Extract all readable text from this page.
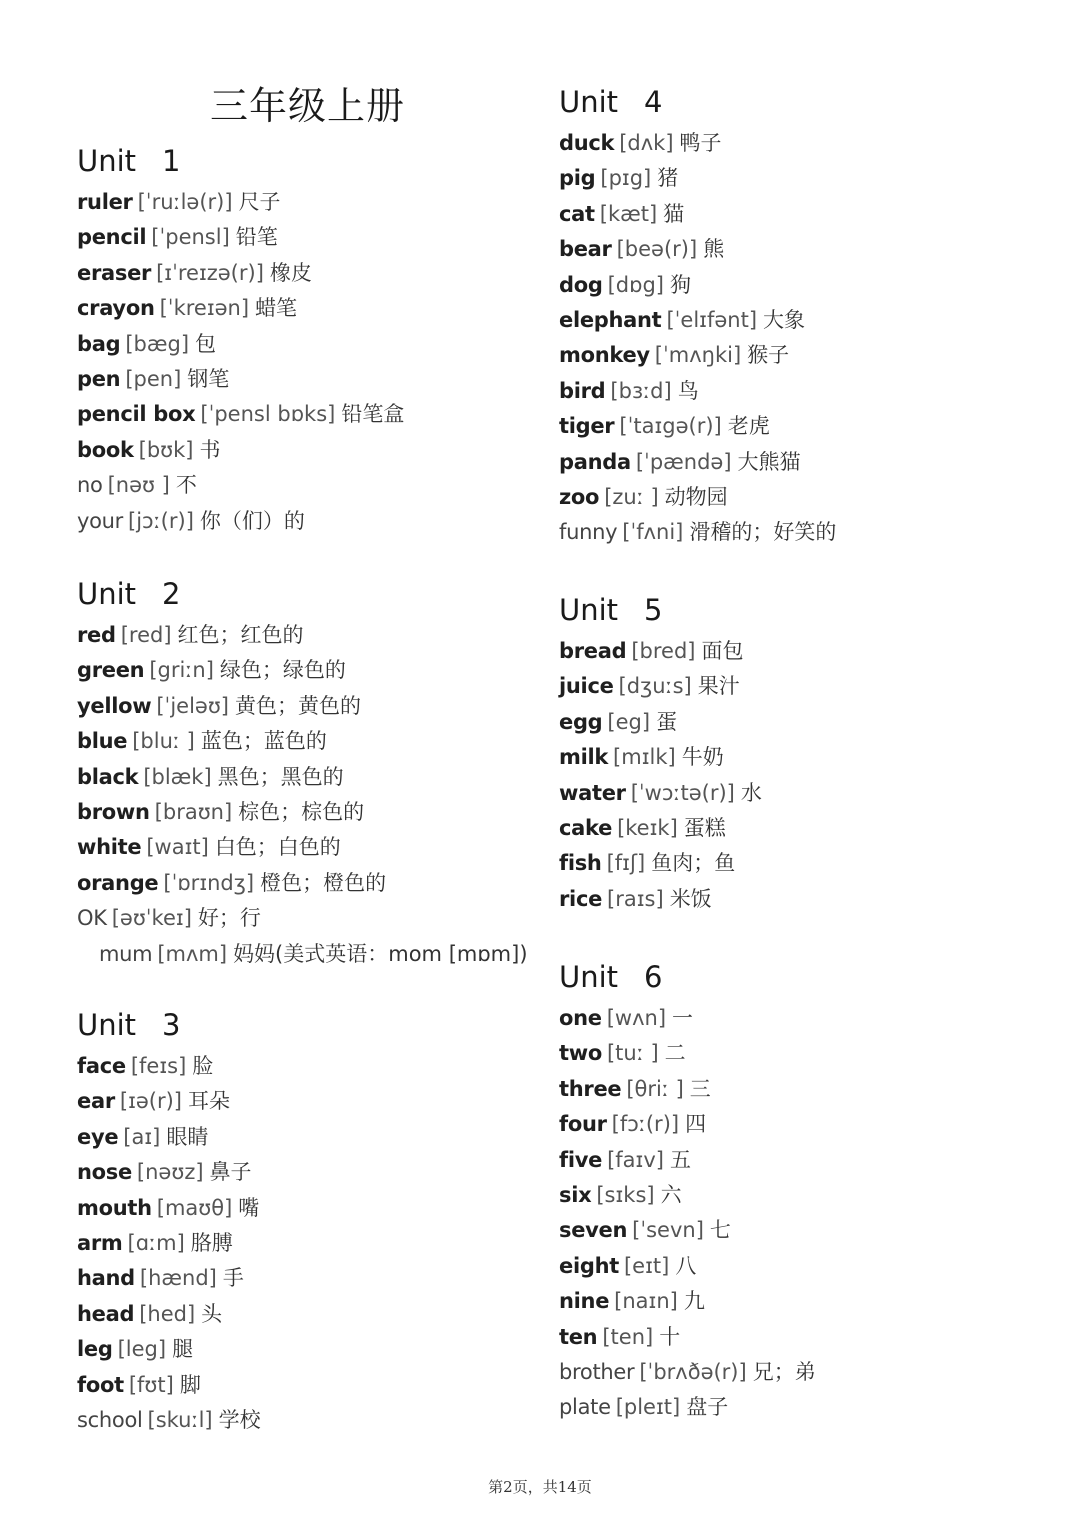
三年级上册
Unit 1
ruler [ˈruːlə(r)] 尺子
pencil [ˈpensl] 铅笔
eraser [ɪˈreɪzə(r)] 橡皮
crayon [ˈkreɪən] 蜡笔
bag [bæg] 包
pen [pen] 钢笔
pencil box [ˈpensl bɒks] 铅笔盒
book [bʊk] 书
no [nəʊ ] 不
your [jɔː(r)] 你（们）的
Unit 2
red [red] 红色；红色的
green [griːn] 绿色；绿色的
yellow [ˈjeləʊ] 黄色；黄色的
blue [bluː ] 蓝色；蓝色的
black [blæk] 黑色；黑色的
brown [braʊn] 棕色；棕色的
white [waɪt] 白色；白色的
orange [ˈɒrɪndʒ] 橙色；橙色的
OK [əʊˈkeɪ] 好；行
mum [mʌm] 妈妈(美式英语：mom [mɒm])
Unit 3
face [feɪs] 脸
ear [ɪə(r)] 耳朵
eye [aɪ] 眼睛
nose [nəʊz] 鼻子
mouth [maʊθ] 嘴
arm [ɑːm] 胳膊
hand [hænd] 手
head [hed] 头
leg [leg] 腿
foot [fʊt] 脚
school [skuːl] 学校
Unit 4
duck [dʌk] 鸭子
pig [pɪg] 猪
cat [kæt] 猫
bear [beə(r)] 熊
dog [dɒg] 狗
elephant [ˈelɪfənt] 大象
monkey [ˈmʌŋki] 猴子
bird [bɜːd] 鸟
tiger [ˈtaɪgə(r)] 老虎
panda [ˈpændə] 大熊猫
zoo [zuː ] 动物园
funny [ˈfʌni] 滑稽的；好笑的
Unit 5
bread [bred] 面包
juice [dʒuːs] 果汁
egg [eg] 蛋
milk [mɪlk] 牛奶
water [ˈwɔːtə(r)] 水
cake [keɪk] 蛋糕
fish [fɪʃ] 鱼肉；鱼
rice [raɪs] 米饭
Unit 6
one [wʌn] 一
two [tuː ] 二
three [θriː ] 三
four [fɔː(r)] 四
five [faɪv] 五
six [sɪks] 六
seven [ˈsevn] 七
eight [eɪt] 八
nine [naɪn] 九
ten [ten] 十
brother [ˈbrʌðə(r)] 兄；弟
plate [pleɪt] 盘子
第2页，共14页
